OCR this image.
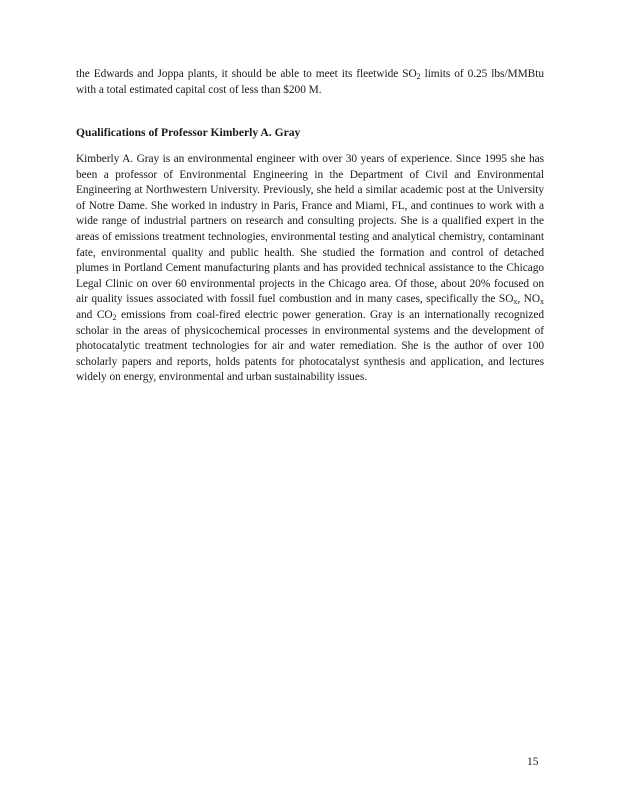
the Edwards and Joppa plants, it should be able to meet its fleetwide $SO_2$ limits of 0.25 lbs/MMBtu with a total estimated capital cost of less than $200 M.

Qualifications of Professor Kimberly A. Gray

Kimberly A. Gray is an environmental engineer with over 30 years of experience. Since 1995 she has been a professor of Environmental Engineering in the Department of Civil and Environmental Engineering at Northwestern University. Previously, she held a similar academic post at the University of Notre Dame. She worked in industry in Paris, France and Miami, FL, and continues to work with a wide range of industrial partners on research and consulting projects. She is a qualified expert in the areas of emissions treatment technologies, environmental testing and analytical chemistry, contaminant fate, environmental quality and public health. She studied the formation and control of detached plumes in Portland Cement manufacturing plants and has provided technical assistance to the Chicago Legal Clinic on over 60 environmental projects in the Chicago area. Of those, about 20% focused on air quality issues associated with fossil fuel combustion and in many cases, specifically the $SO_x$, $NO_x$ and $CO_2$ emissions from coal-fired electric power generation. Gray is an internationally recognized scholar in the areas of physicochemical processes in environmental systems and the development of photocatalytic treatment technologies for air and water remediation. She is the author of over 100 scholarly papers and reports, holds patents for photocatalyst synthesis and application, and lectures widely on energy, environmental and urban sustainability issues.

15
